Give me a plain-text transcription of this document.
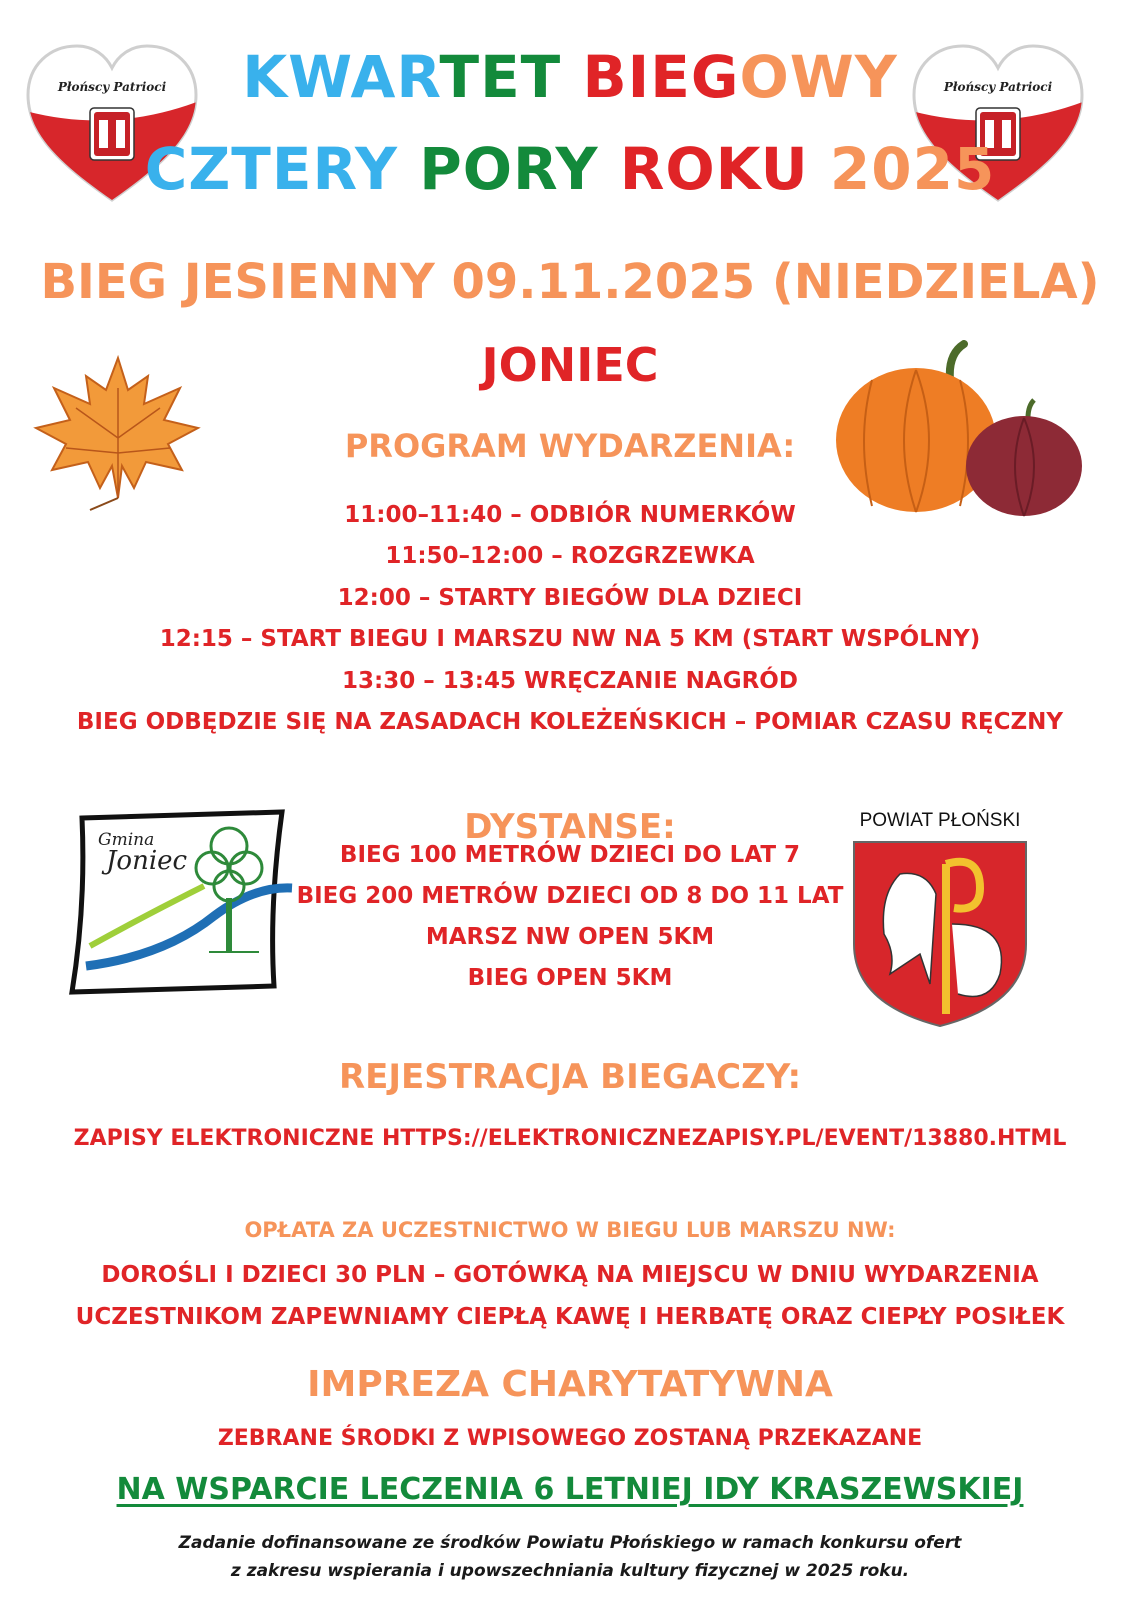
Płońscy Patrioci	Płońscy Patrioci
KWARTET BIEGOWY
CZTERY PORY ROKU 2025
BIEG JESIENNY 09.11.2025 (NIEDZIELA)
JONIEC
PROGRAM WYDARZENIA:
11:00–11:40 – ODBIÓR NUMERKÓW
11:50–12:00 – ROZGRZEWKA
12:00 – STARTY BIEGÓW DLA DZIECI
12:15 – START BIEGU I MARSZU NW NA 5 KM (START WSPÓLNY)
13:30 – 13:45 WRĘCZANIE NAGRÓD
BIEG ODBĘDZIE SIĘ NA ZASADACH KOLEŻEŃSKICH – POMIAR CZASU RĘCZNY
Gmina
Joniec
POWIAT PŁOŃSKI
DYSTANSE:
BIEG 100 METRÓW DZIECI DO LAT 7
BIEG 200 METRÓW DZIECI OD 8 DO 11 LAT
MARSZ NW OPEN 5KM
BIEG OPEN 5KM
REJESTRACJA BIEGACZY:
ZAPISY ELEKTRONICZNE HTTPS://ELEKTRONICZNEZAPISY.PL/EVENT/13880.HTML
OPŁATA ZA UCZESTNICTWO W BIEGU LUB MARSZU NW:
DOROŚLI I DZIECI 30 PLN – GOTÓWKĄ NA MIEJSCU W DNIU WYDARZENIA
UCZESTNIKOM ZAPEWNIAMY CIEPŁĄ KAWĘ I HERBATĘ ORAZ CIEPŁY POSIŁEK
IMPREZA CHARYTATYWNA
ZEBRANE ŚRODKI Z WPISOWEGO ZOSTANĄ PRZEKAZANE
NA WSPARCIE LECZENIA 6 LETNIEJ IDY KRASZEWSKIEJ
Zadanie dofinansowane ze środków Powiatu Płońskiego w ramach konkursu ofert
z zakresu wspierania i upowszechniania kultury fizycznej w 2025 roku.
